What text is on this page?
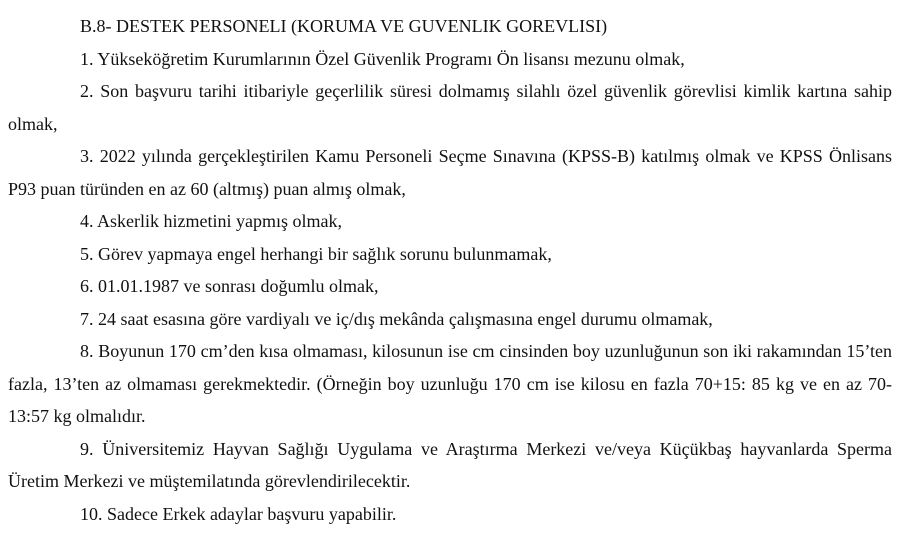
B.8- DESTEK PERSONELI (KORUMA VE GUVENLIK GOREVLISI)

1. Yükseköğretim Kurumlarının Özel Güvenlik Programı Ön lisansı mezunu olmak,

2. Son başvuru tarihi itibariyle geçerlilik süresi dolmamış silahlı özel güvenlik görevlisi kimlik kartına sahip olmak,

3. 2022 yılında gerçekleştirilen Kamu Personeli Seçme Sınavına (KPSS-B) katılmış olmak ve KPSS Önlisans P93 puan türünden en az 60 (altmış) puan almış olmak,

4. Askerlik hizmetini yapmış olmak,

5. Görev yapmaya engel herhangi bir sağlık sorunu bulunmamak,

6. 01.01.1987 ve sonrası doğumlu olmak,

7. 24 saat esasına göre vardiyalı ve iç/dış mekânda çalışmasına engel durumu olmamak,

8. Boyunun 170 cm’den kısa olmaması, kilosunun ise cm cinsinden boy uzunluğunun son iki rakamından 15’ten fazla, 13’ten az olmaması gerekmektedir. (Örneğin boy uzunluğu 170 cm ise kilosu en fazla 70+15: 85 kg ve en az 70-13:57 kg olmalıdır.

9. Üniversitemiz Hayvan Sağlığı Uygulama ve Araştırma Merkezi ve/veya Küçükbaş hayvanlarda Sperma Üretim Merkezi ve müştemilatında görevlendirilecektir.

10. Sadece Erkek adaylar başvuru yapabilir.
